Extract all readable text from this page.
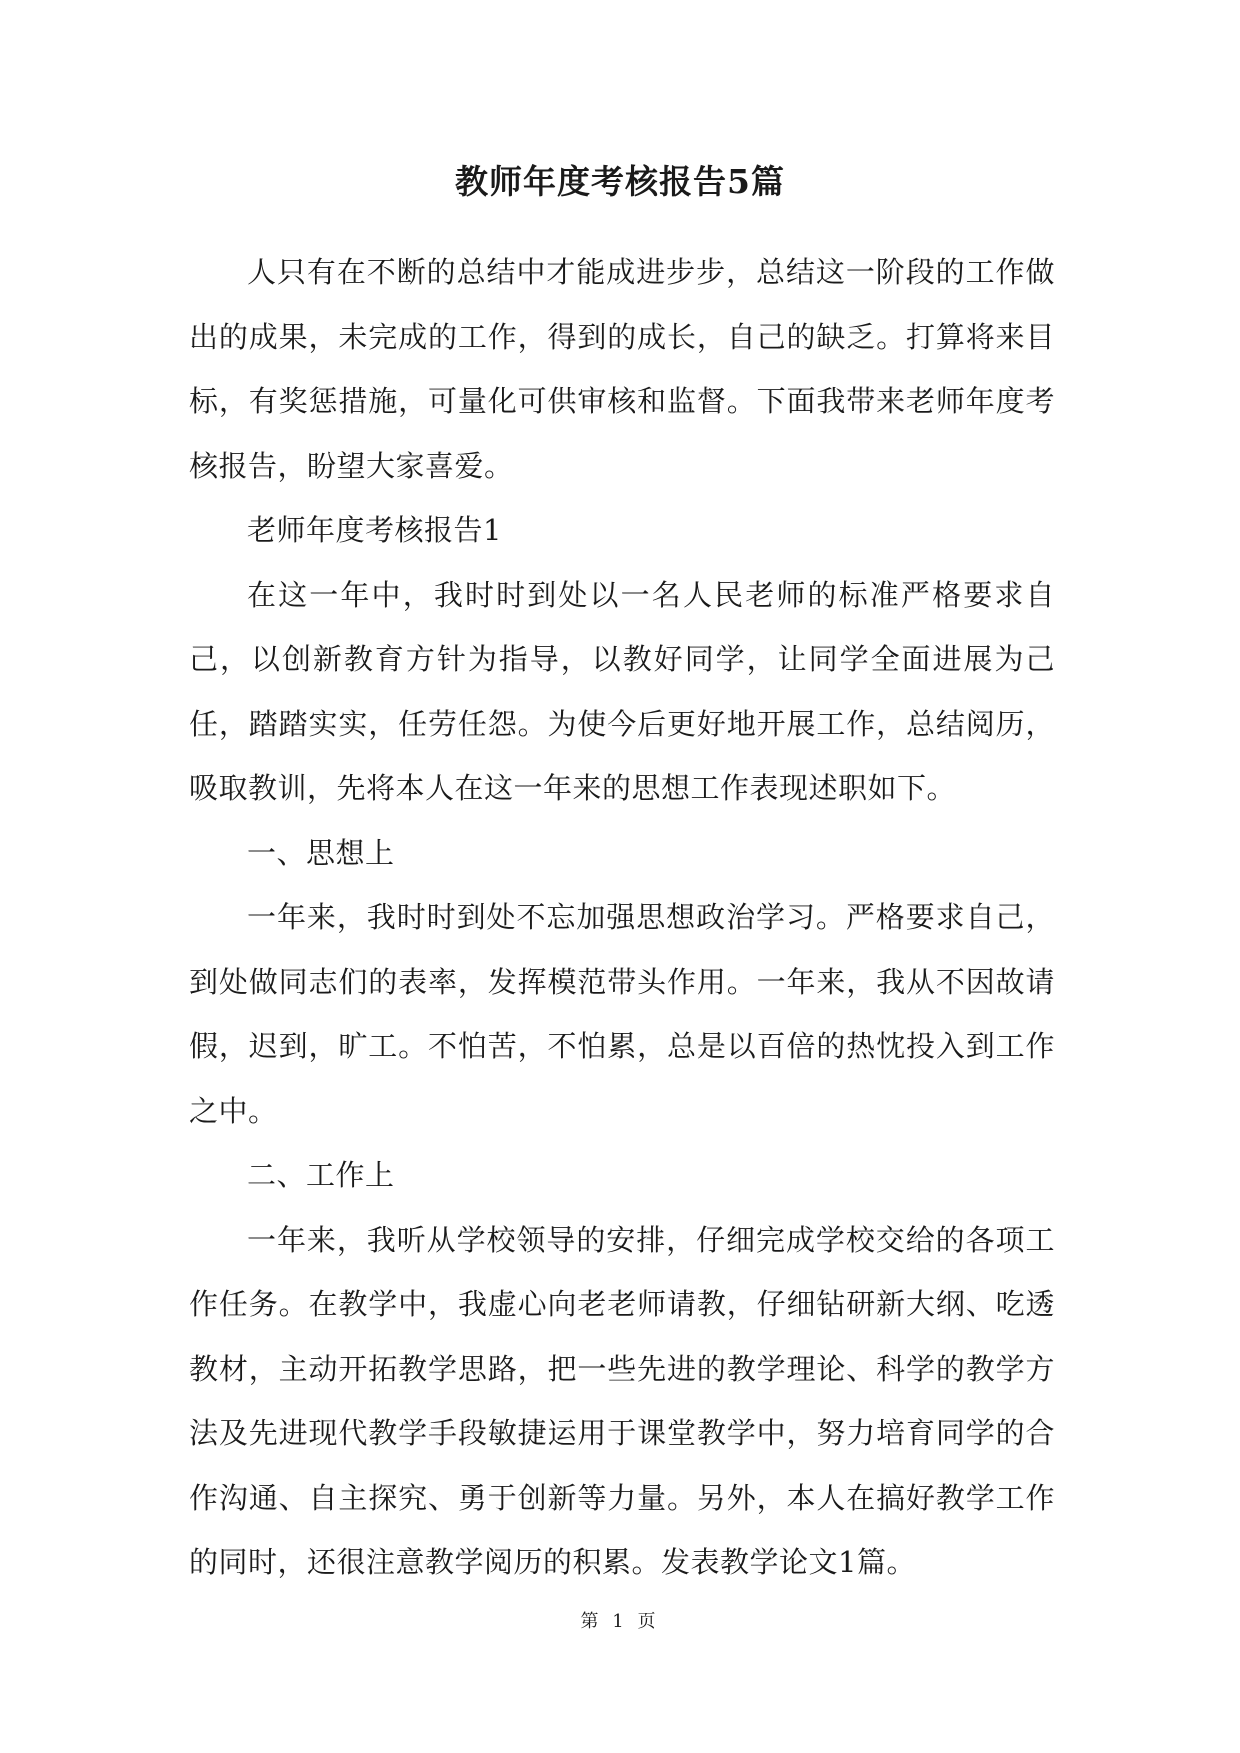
教师年度考核报告5篇

人只有在不断的总结中才能成进步步，总结这一阶段的工作做出的成果，未完成的工作，得到的成长，自己的缺乏。打算将来目标，有奖惩措施，可量化可供审核和监督。下面我带来老师年度考核报告，盼望大家喜爱。

老师年度考核报告1

在这一年中，我时时到处以一名人民老师的标准严格要求自己，以创新教育方针为指导，以教好同学，让同学全面进展为己任，踏踏实实，任劳任怨。为使今后更好地开展工作，总结阅历，吸取教训，先将本人在这一年来的思想工作表现述职如下。

一、思想上

一年来，我时时到处不忘加强思想政治学习。严格要求自己，到处做同志们的表率，发挥模范带头作用。一年来，我从不因故请假，迟到，旷工。不怕苦，不怕累，总是以百倍的热忱投入到工作之中。

二、工作上

一年来，我听从学校领导的安排，仔细完成学校交给的各项工作任务。在教学中，我虚心向老老师请教，仔细钻研新大纲、吃透教材，主动开拓教学思路，把一些先进的教学理论、科学的教学方法及先进现代教学手段敏捷运用于课堂教学中，努力培育同学的合作沟通、自主探究、勇于创新等力量。另外，本人在搞好教学工作的同时，还很注意教学阅历的积累。发表教学论文1篇。

第 1 页
